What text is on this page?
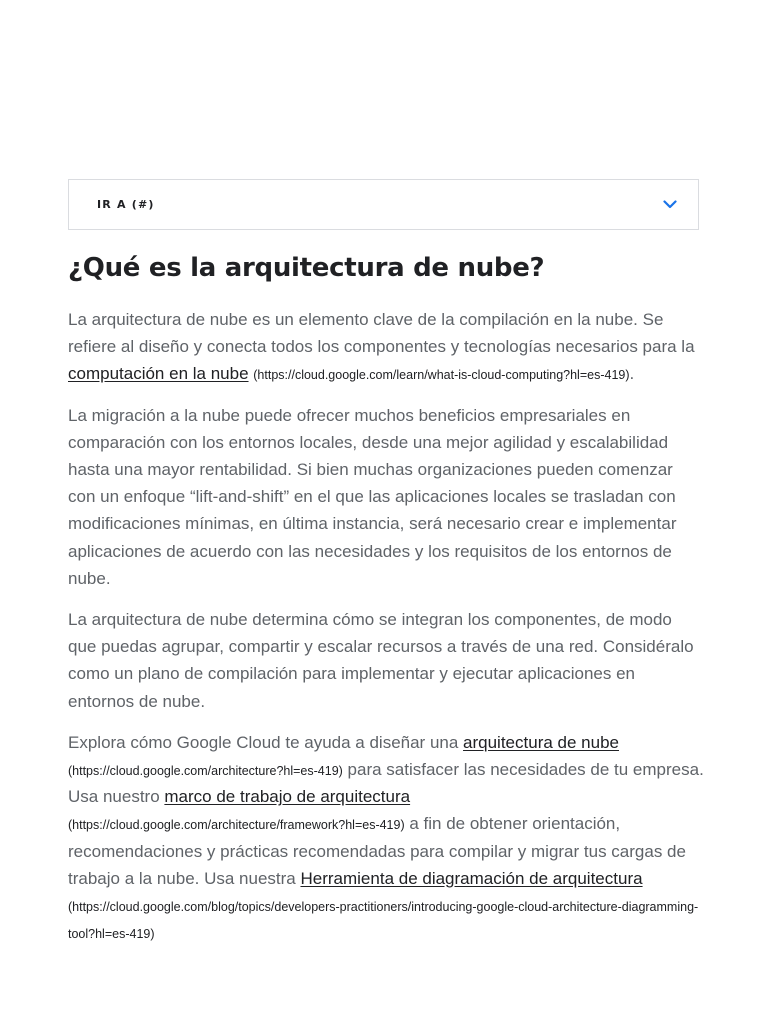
IR A (#)
¿Qué es la arquitectura de nube?

La arquitectura de nube es un elemento clave de la compilación en la nube. Se refiere al diseño y conecta todos los componentes y tecnologías necesarios para la computación en la nube (https://cloud.google.com/learn/what-is-cloud-computing?hl=es-419).

La migración a la nube puede ofrecer muchos beneficios empresariales en comparación con los entornos locales, desde una mejor agilidad y escalabilidad hasta una mayor rentabilidad. Si bien muchas organizaciones pueden comenzar con un enfoque “lift-and-shift” en el que las aplicaciones locales se trasladan con modificaciones mínimas, en última instancia, será necesario crear e implementar aplicaciones de acuerdo con las necesidades y los requisitos de los entornos de nube.

La arquitectura de nube determina cómo se integran los componentes, de modo que puedas agrupar, compartir y escalar recursos a través de una red. Considéralo como un plano de compilación para implementar y ejecutar aplicaciones en entornos de nube.

Explora cómo Google Cloud te ayuda a diseñar una arquitectura de nube
(https://cloud.google.com/architecture?hl=es-419) para satisfacer las necesidades de tu empresa. Usa nuestro marco de trabajo de arquitectura
(https://cloud.google.com/architecture/framework?hl=es-419) a fin de obtener orientación, recomendaciones y prácticas recomendadas para compilar y migrar tus cargas de trabajo a la nube. Usa nuestra Herramienta de diagramación de arquitectura
(https://cloud.google.com/blog/topics/developers-practitioners/introducing-google-cloud-architecture-diagramming-tool?hl=es-419)
